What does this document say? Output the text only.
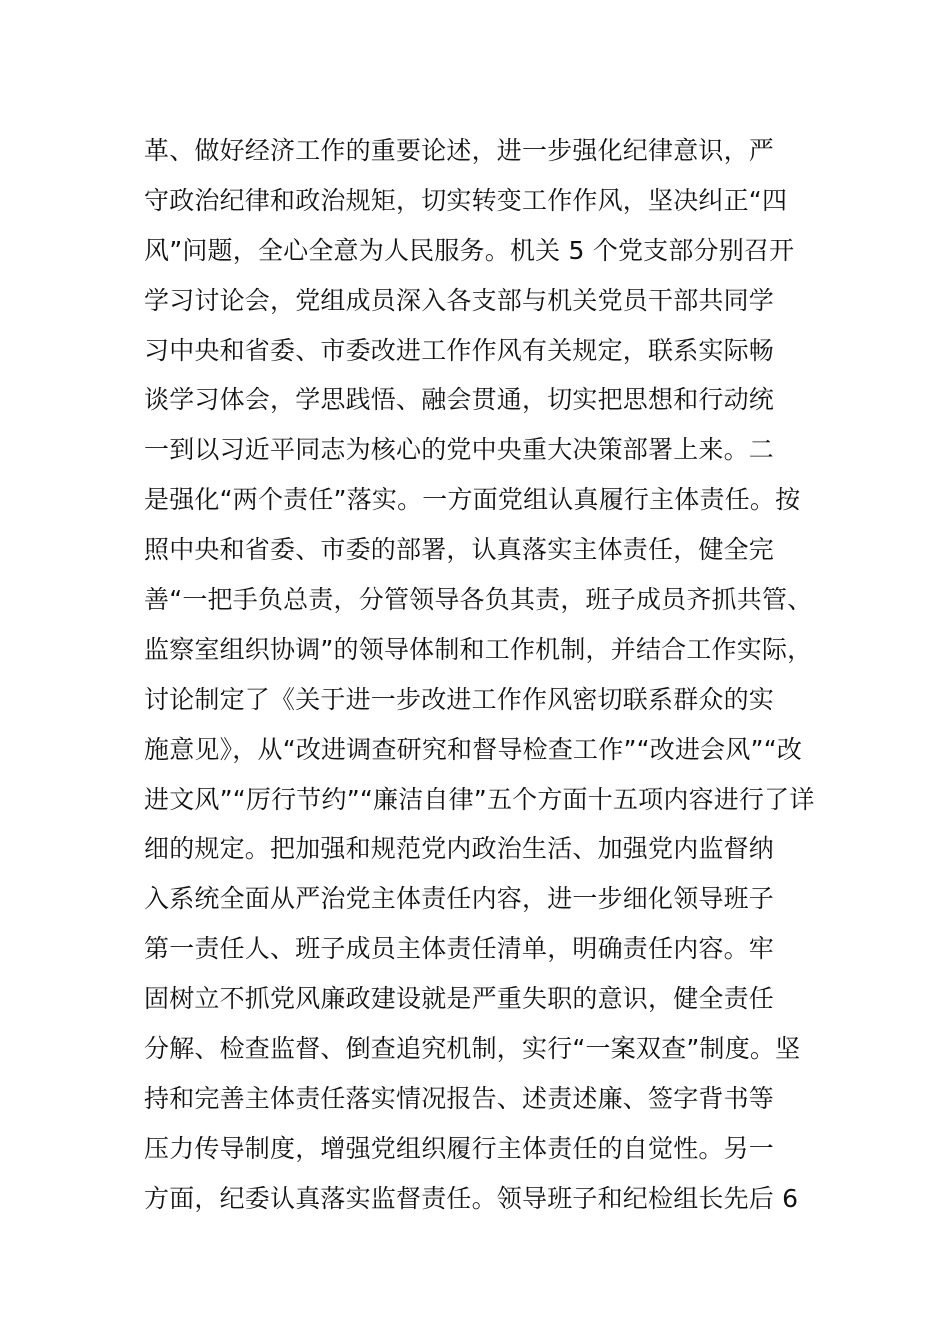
革、做好经济工作的重要论述，进一步强化纪律意识，严
守政治纪律和政治规矩，切实转变工作作风，坚决纠正“四
风”问题，全心全意为人民服务。机关 5 个党支部分别召开
学习讨论会，党组成员深入各支部与机关党员干部共同学
习中央和省委、市委改进工作作风有关规定，联系实际畅
谈学习体会，学思践悟、融会贯通，切实把思想和行动统
一到以习近平同志为核心的党中央重大决策部署上来。二
是强化“两个责任”落实。一方面党组认真履行主体责任。按
照中央和省委、市委的部署，认真落实主体责任，健全完
善“一把手负总责，分管领导各负其责，班子成员齐抓共管、
监察室组织协调”的领导体制和工作机制，并结合工作实际，
讨论制定了《关于进一步改进工作作风密切联系群众的实
施意见》，从“改进调查研究和督导检查工作”“改进会风”“改
进文风”“厉行节约”“廉洁自律”五个方面十五项内容进行了详
细的规定。把加强和规范党内政治生活、加强党内监督纳
入系统全面从严治党主体责任内容，进一步细化领导班子
第一责任人、班子成员主体责任清单，明确责任内容。牢
固树立不抓党风廉政建设就是严重失职的意识，健全责任
分解、检查监督、倒查追究机制，实行“一案双查”制度。坚
持和完善主体责任落实情况报告、述责述廉、签字背书等
压力传导制度，增强党组织履行主体责任的自觉性。另一
方面，纪委认真落实监督责任。领导班子和纪检组长先后 6
